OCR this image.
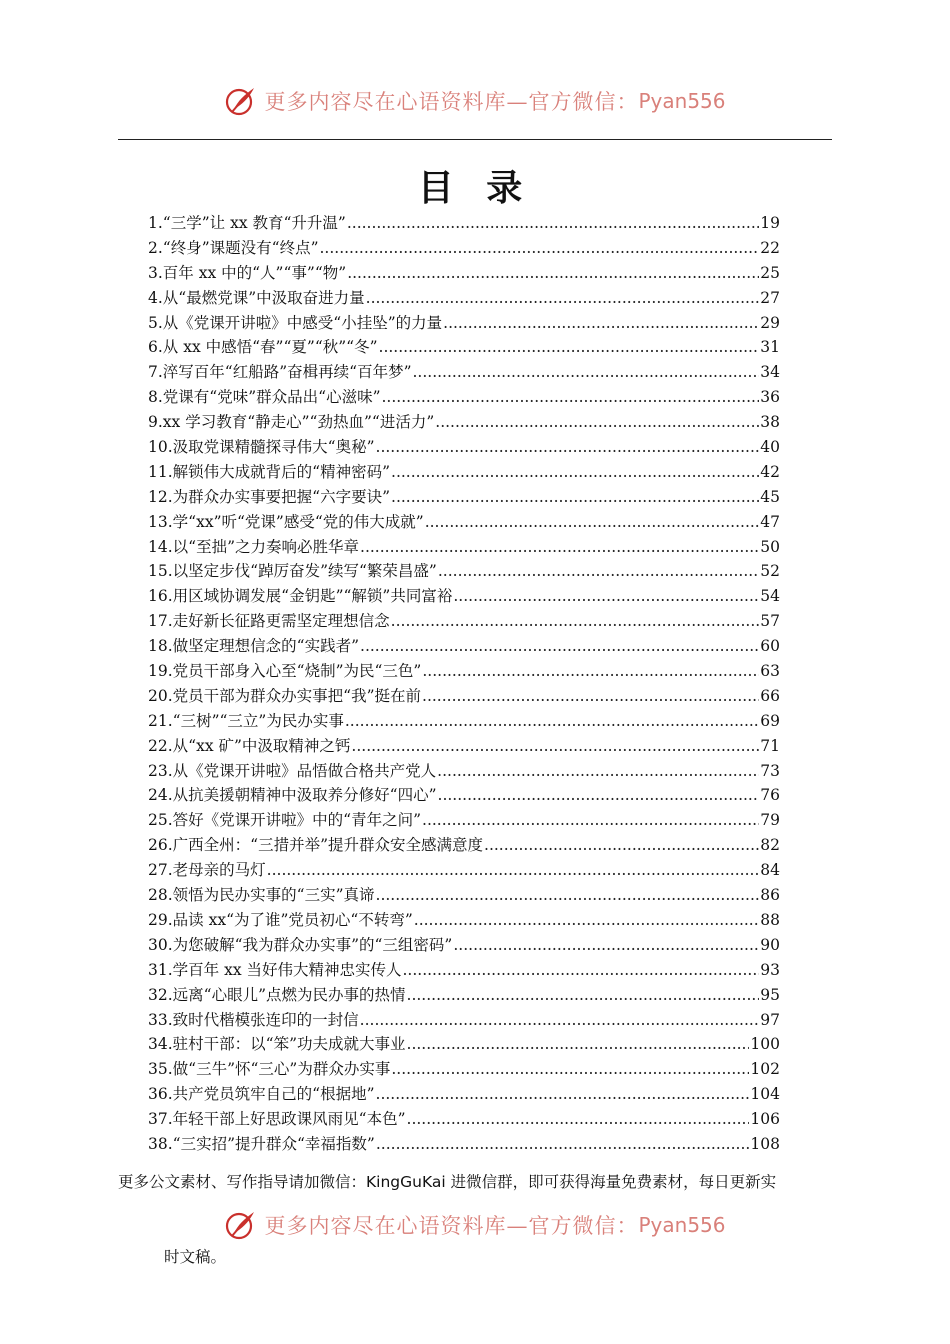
更多内容尽在心语资料库—官方微信： Pyan556
目 录
1. “三学”让 xx 教育“升升温” .....	19
2. “终身”课题没有“终点” .....	22
3. 百年 xx 中的“人”“事”“物” .....	25
4. 从“最燃党课”中汲取奋进力量 .....	27
5. 从《党课开讲啦》中感受“小挂坠”的力量 .....	29
6. 从 xx 中感悟“春”“夏”“秋”“冬” .....	31
7. 淬写百年“红船路”奋楫再续“百年梦” .....	34
8. 党课有“党味”群众品出“心滋味” .....	36
9. xx 学习教育“静走心”“劲热血”“进活力” .....	38
10. 汲取党课精髓探寻伟大“奥秘” .....	40
11. 解锁伟大成就背后的“精神密码” .....	42
12. 为群众办实事要把握“六字要诀” .....	45
13. 学“xx”听“党课”感受“党的伟大成就” .....	47
14. 以“至拙”之力奏响必胜华章 .....	50
15. 以坚定步伐“踔厉奋发”续写“繁荣昌盛” .....	52
16. 用区域协调发展“金钥匙”“解锁”共同富裕 .....	54
17. 走好新长征路更需坚定理想信念 .....	57
18. 做坚定理想信念的“实践者” .....	60
19. 党员干部身入心至“烧制”为民“三色” .....	63
20. 党员干部为群众办实事把“我”挺在前 .....	66
21. “三树”“三立”为民办实事 .....	69
22. 从“xx 矿”中汲取精神之钙 .....	71
23. 从《党课开讲啦》品悟做合格共产党人 .....	73
24. 从抗美援朝精神中汲取养分修好“四心” .....	76
25. 答好《党课开讲啦》中的“青年之问” .....	79
26. 广西全州：“三措并举”提升群众安全感满意度 .....	82
27. 老母亲的马灯 .....	84
28. 领悟为民办实事的“三实”真谛 .....	86
29. 品读 xx“为了谁”党员初心“不转弯” .....	88
30. 为您破解“我为群众办实事”的“三组密码” .....	90
31. 学百年 xx 当好伟大精神忠实传人 .....	93
32. 远离“心眼儿”点燃为民办事的热情 .....	95
33. 致时代楷模张连印的一封信 .....	97
34. 驻村干部：以“笨”功夫成就大事业 .....	100
35. 做“三牛”怀“三心”为群众办实事 .....	102
36. 共产党员筑牢自己的“根据地” .....	104
37. 年轻干部上好思政课风雨见“本色” .....	106
38. “三实招”提升群众“幸福指数” .....	108
更多公文素材、写作指导请加微信：KingGuKai 进微信群，即可获得海量免费素材，每日更新实
更多内容尽在心语资料库—官方微信： Pyan556
时文稿。
